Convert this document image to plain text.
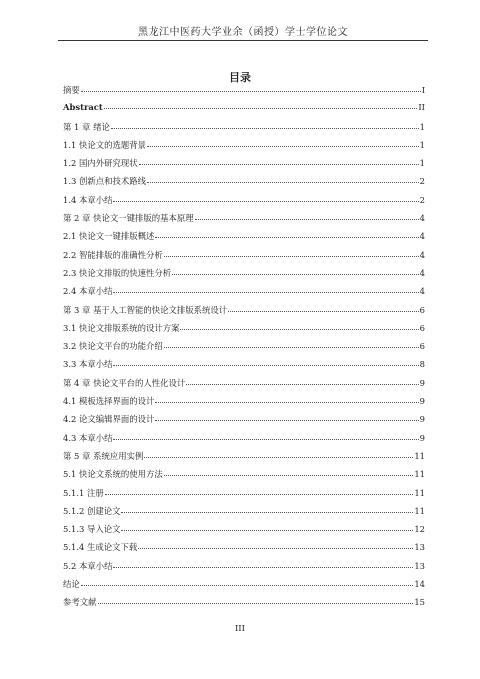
黑龙江中医药大学业余（函授）学士学位论文
目录
摘要	I
Abstract	II
第 1 章 绪论	1
1.1 快论文的选题背景	1
1.2 国内外研究现状	1
1.3 创新点和技术路线	2
1.4 本章小结	2
第 2 章 快论文一键排版的基本原理	4
2.1 快论文一键排版概述	4
2.2 智能排版的准确性分析	4
2.3 快论文排版的快速性分析	4
2.4 本章小结	4
第 3 章 基于人工智能的快论文排版系统设计	6
3.1 快论文排版系统的设计方案	6
3.2 快论文平台的功能介绍	6
3.3 本章小结	8
第 4 章 快论文平台的人性化设计	9
4.1 模板选择界面的设计	9
4.2 论文编辑界面的设计	9
4.3 本章小结	9
第 5 章 系统应用实例	11
5.1 快论文系统的使用方法	11
5.1.1 注册	11
5.1.2 创建论文	11
5.1.3 导入论文	12
5.1.4 生成论文下载	13
5.2 本章小结	13
结论	14
参考文献	15
III
